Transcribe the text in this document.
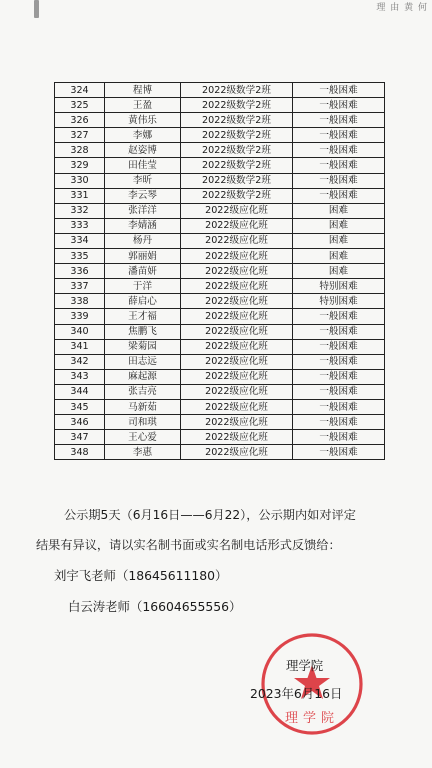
理 由 黄 何
324	程博	2022级数学2班	一般困难
325	王盈	2022级数学2班	一般困难
326	黄伟乐	2022级数学2班	一般困难
327	李娜	2022级数学2班	一般困难
328	赵姿博	2022级数学2班	一般困难
329	田佳莹	2022级数学2班	一般困难
330	李昕	2022级数学2班	一般困难
331	李云琴	2022级数学2班	一般困难
332	张洋洋	2022级应化班	困难
333	李婧涵	2022级应化班	困难
334	杨丹	2022级应化班	困难
335	郭丽娟	2022级应化班	困难
336	潘苗妍	2022级应化班	困难
337	于洋	2022级应化班	特别困难
338	薛启心	2022级应化班	特别困难
339	王才福	2022级应化班	一般困难
340	焦鹏飞	2022级应化班	一般困难
341	梁菊园	2022级应化班	一般困难
342	田志远	2022级应化班	一般困难
343	麻起源	2022级应化班	一般困难
344	张吉亮	2022级应化班	一般困难
345	马新茹	2022级应化班	一般困难
346	司和琪	2022级应化班	一般困难
347	王心爱	2022级应化班	一般困难
348	李惠	2022级应化班	一般困难
公示期5天（6月16日——6月22），公示期内如对评定
结果有异议，请以实名制书面或实名制电话形式反馈给：
刘宇飞老师（18645611180）
白云涛老师（16604655556）
理学院
理学院
2023年6月16日
